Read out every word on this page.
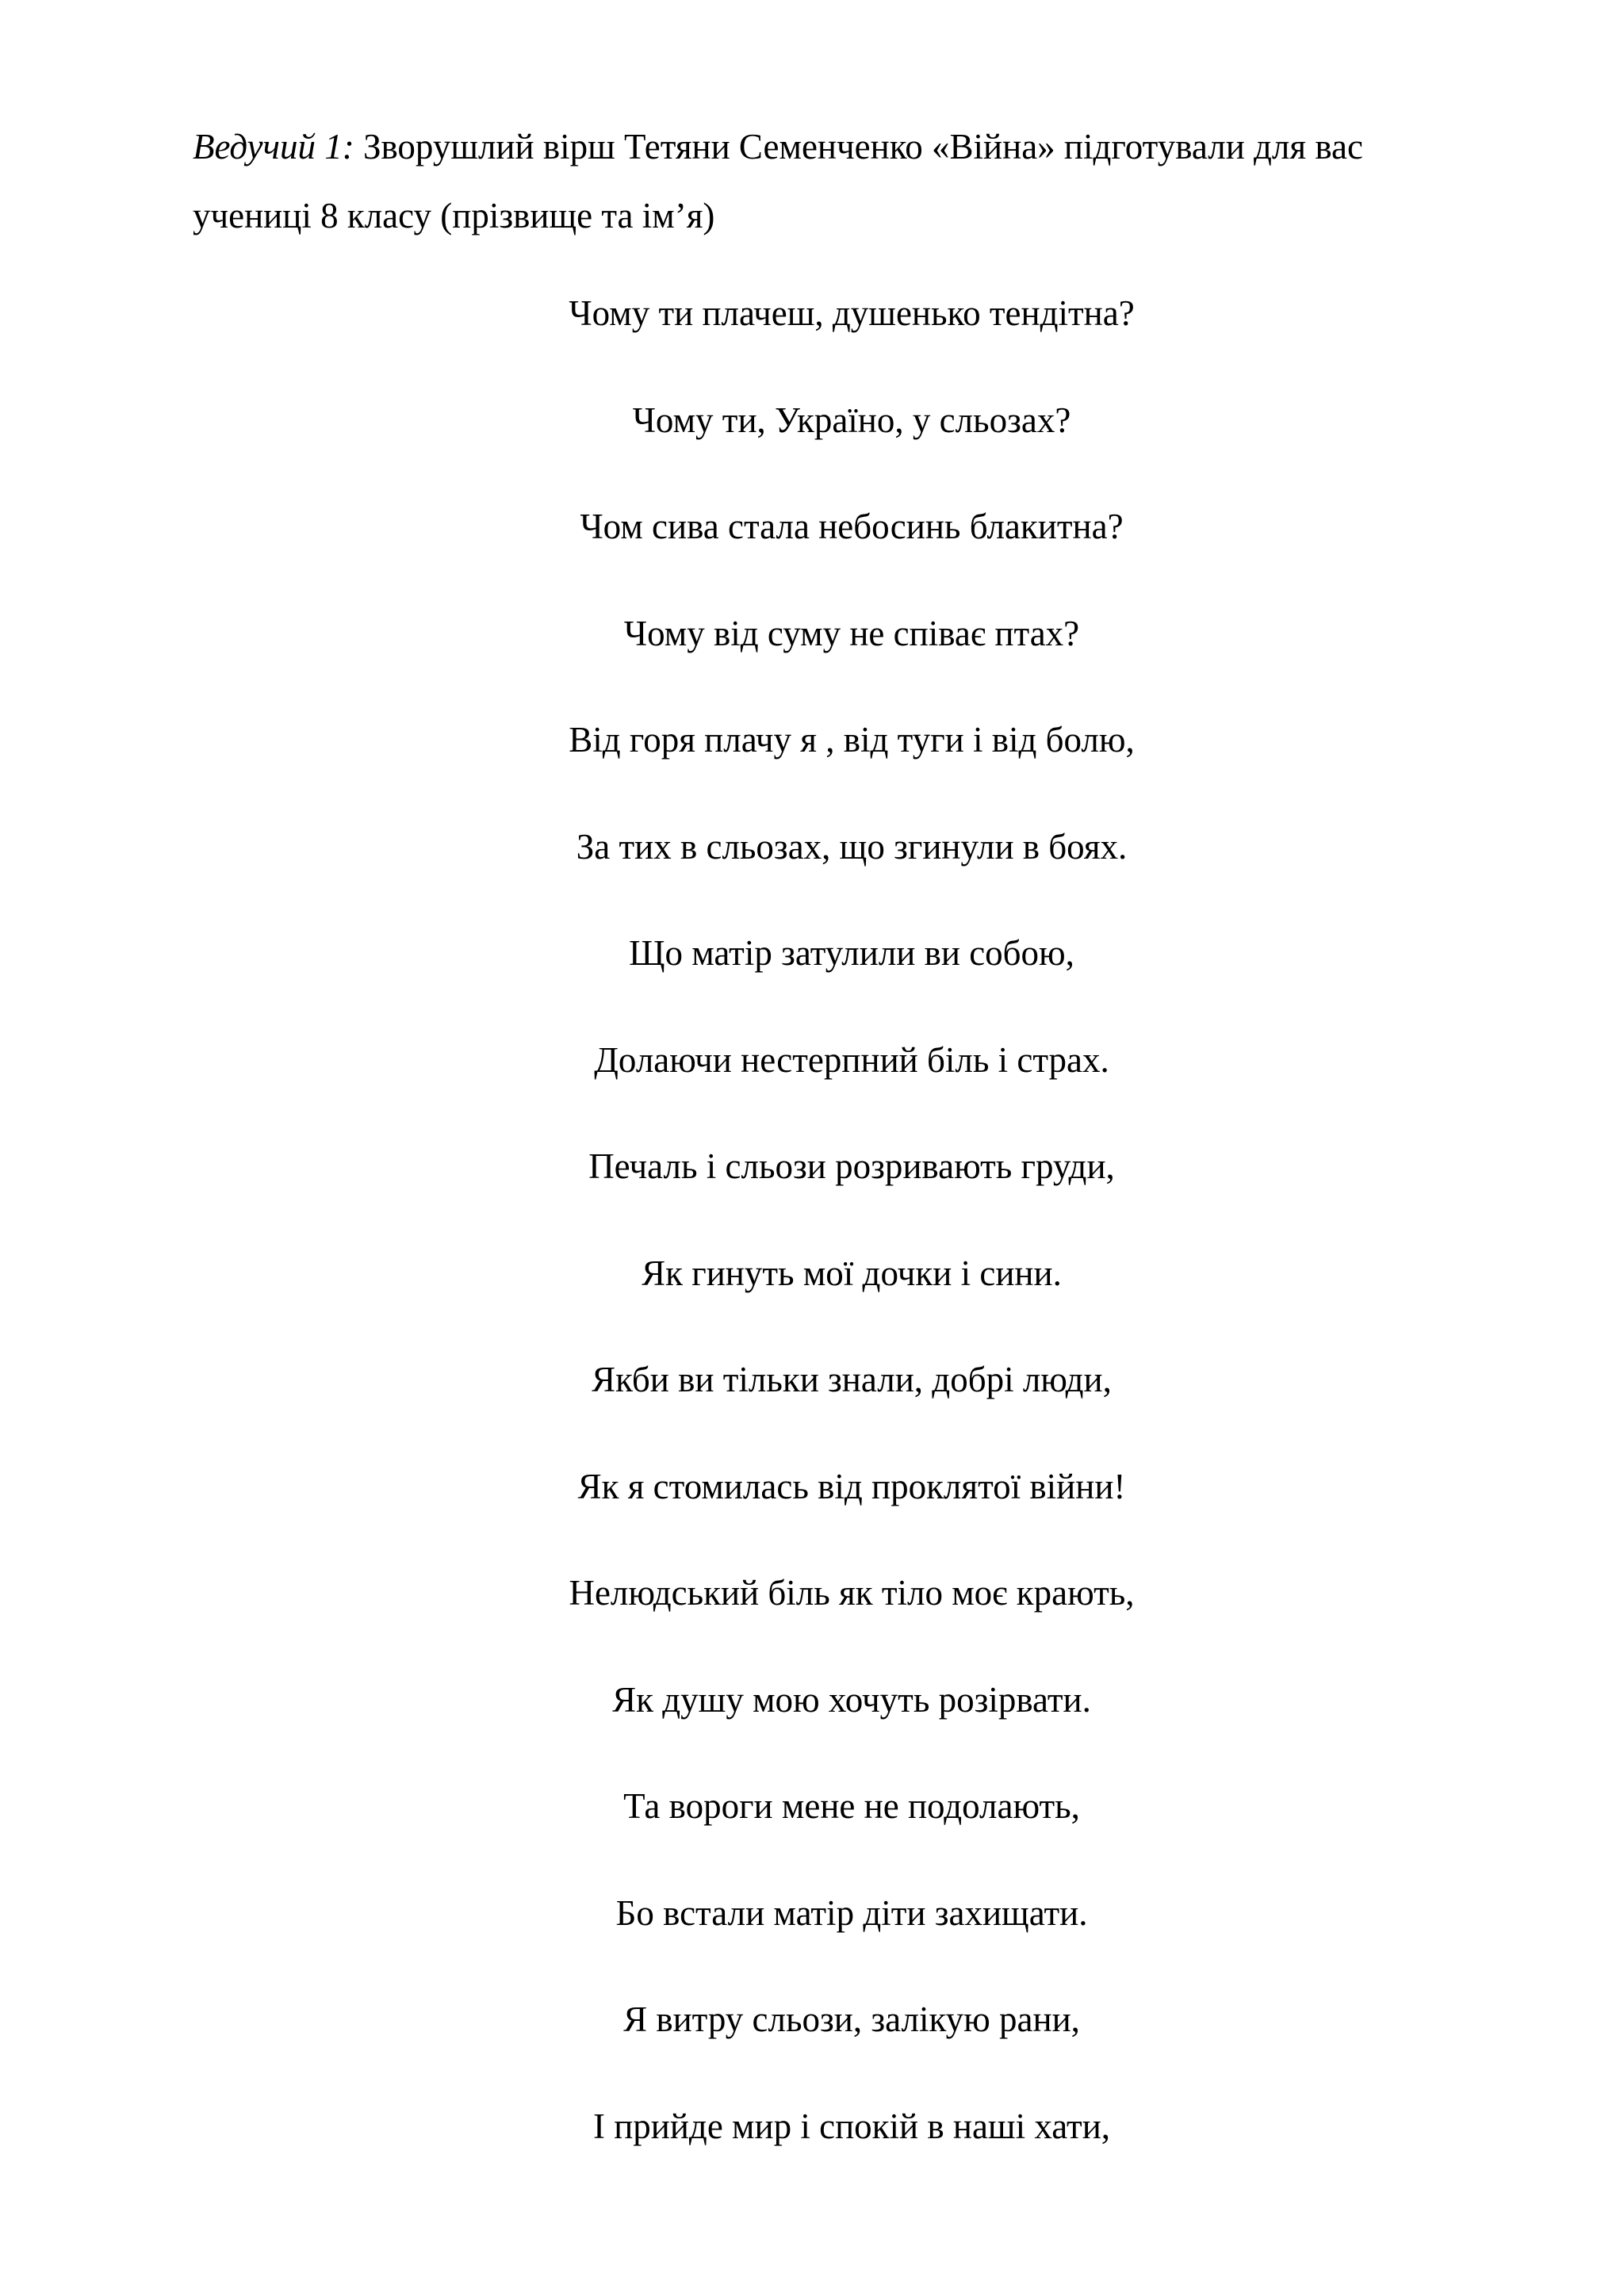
Ведучий 1: Зворушлий вірш Тетяни Семенченко «Війна» підготували для вас
учениці 8 класу (прізвище та ім’я)

Чому ти плачеш, душенько тендітна?
Чому ти, Україно, у сльозах?
Чом сива стала небосинь блакитна?
Чому від суму не співає птах?
Від горя плачу я , від туги і від болю,
За тих в сльозах, що згинули в боях.
Що матір затулили ви собою,
Долаючи нестерпний біль і страх.
Печаль і сльози розривають груди,
Як гинуть мої дочки і сини.
Якби ви тільки знали, добрі люди,
Як я стомилась від проклятої війни!
Нелюдський біль як тіло моє крають,
Як душу мою хочуть розірвати.
Та вороги мене не подолають,
Бо встали матір діти захищати.
Я витру сльози, залікую рани,
І прийде мир і спокій в наші хати,
